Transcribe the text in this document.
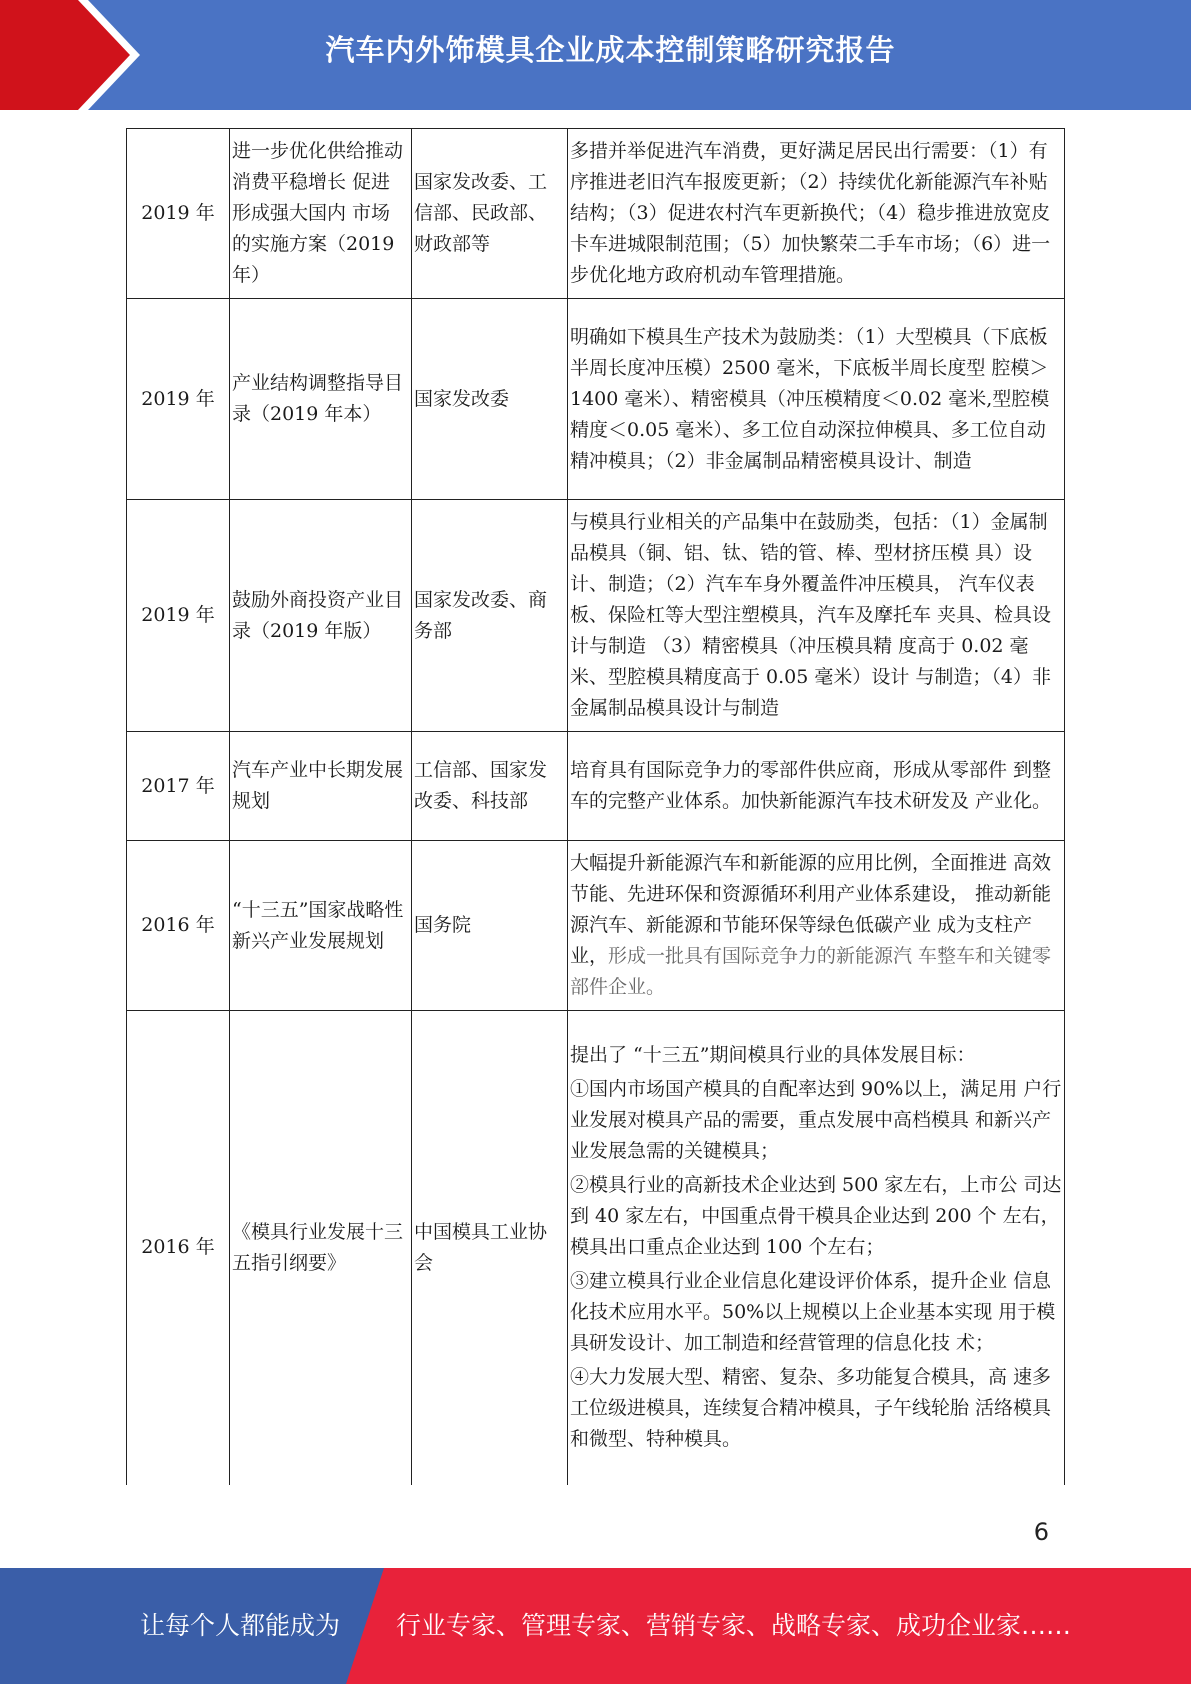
汽车内外饰模具企业成本控制策略研究报告
2019 年	进一步优化供给推动消费平稳增长 促进形成强大国内 市场的实施方案（2019 年）	国家发改委、工信部、民政部、财政部等	多措并举促进汽车消费，更好满足居民出行需要：（1）有序推进老旧汽车报废更新；（2）持续优化新能源汽车补贴结构；（3）促进农村汽车更新换代；（4）稳步推进放宽皮卡车进城限制范围；（5）加快繁荣二手车市场；（6）进一步优化地方政府机动车管理措施。

2019 年	产业结构调整指导目录（2019 年本）	国家发改委	明确如下模具生产技术为鼓励类：（1）大型模具（下底板半周长度冲压模）2500 毫米，下底板半周长度型 腔模＞1400 毫米）、精密模具（冲压模精度＜0.02 毫米,型腔模精度＜0.05 毫米）、多工位自动深拉伸模具、多工位自动精冲模具；（2）非金属制品精密模具设计、制造

2019 年	鼓励外商投资产业目录（2019 年版）	国家发改委、商务部	与模具行业相关的产品集中在鼓励类，包括：（1）金属制品模具（铜、铝、钛、锆的管、棒、型材挤压模 具）设计、制造；（2）汽车车身外覆盖件冲压模具， 汽车仪表板、保险杠等大型注塑模具，汽车及摩托车 夹具、检具设计与制造 （3）精密模具（冲压模具精 度高于 0.02 毫米、型腔模具精度高于 0.05 毫米）设计 与制造；（4）非金属制品模具设计与制造

2017 年	汽车产业中长期发展规划	工信部、国家发改委、科技部	培育具有国际竞争力的零部件供应商，形成从零部件 到整车的完整产业体系。加快新能源汽车技术研发及 产业化。

2016 年	“十三五”国家战略性新兴产业发展规划	国务院	大幅提升新能源汽车和新能源的应用比例，全面推进 高效节能、先进环保和资源循环利用产业体系建设， 推动新能源汽车、新能源和节能环保等绿色低碳产业 成为支柱产业，形成一批具有国际竞争力的新能源汽 车整车和关键零部件企业。

2016 年	《模具行业发展十三五指引纲要》	中国模具工业协会	提出了 “十三五”期间模具行业的具体发展目标：

①国内市场国产模具的自配率达到 90%以上，满足用 户行业发展对模具产品的需要，重点发展中高档模具 和新兴产业发展急需的关键模具；

②模具行业的高新技术企业达到 500 家左右，上市公 司达到 40 家左右，中国重点骨干模具企业达到 200 个 左右，模具出口重点企业达到 100 个左右；

③建立模具行业企业信息化建设评价体系，提升企业 信息化技术应用水平。50%以上规模以上企业基本实现 用于模具研发设计、加工制造和经营管理的信息化技 术；

④大力发展大型、精密、复杂、多功能复合模具，高 速多工位级进模具，连续复合精冲模具，子午线轮胎 活络模具和微型、特种模具。

6
让每个人都能成为 行业专家、管理专家、营销专家、战略专家、成功企业家……
